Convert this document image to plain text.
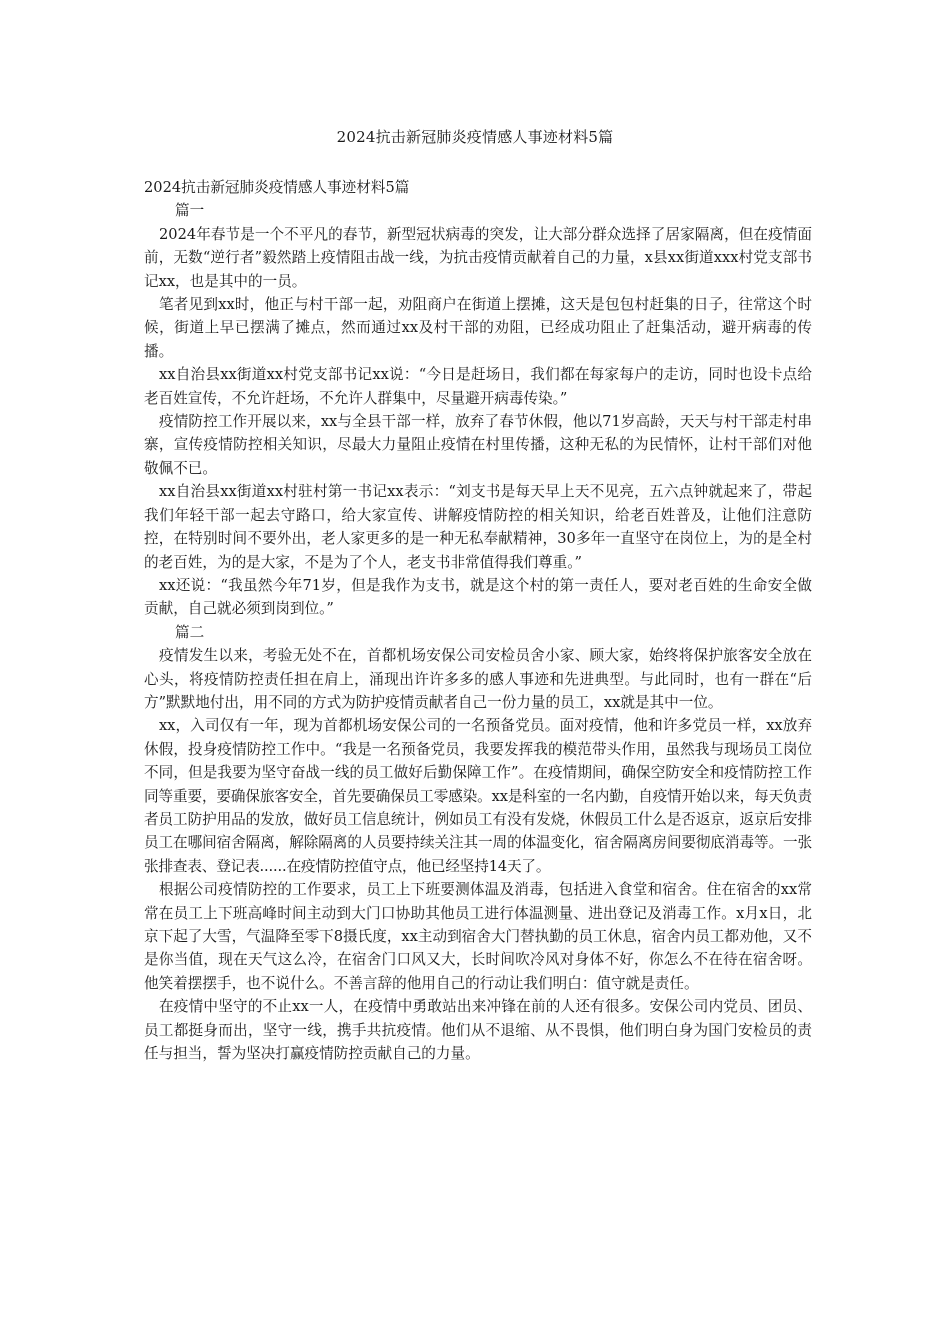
2024抗击新冠肺炎疫情感人事迹材料5篇

2024抗击新冠肺炎疫情感人事迹材料5篇

篇一

2024年春节是一个不平凡的春节，新型冠状病毒的突发，让大部分群众选择了居家隔离，但在疫情面前，无数“逆行者”毅然踏上疫情阻击战一线，为抗击疫情贡献着自己的力量，x县xx街道xxx村党支部书记xx，也是其中的一员。

笔者见到xx时，他正与村干部一起，劝阻商户在街道上摆摊，这天是包包村赶集的日子，往常这个时候，街道上早已摆满了摊点，然而通过xx及村干部的劝阻，已经成功阻止了赶集活动，避开病毒的传播。

xx自治县xx街道xx村党支部书记xx说：“今日是赶场日，我们都在每家每户的走访，同时也设卡点给老百姓宣传，不允许赶场，不允许人群集中，尽量避开病毒传染。”

疫情防控工作开展以来，xx与全县干部一样，放弃了春节休假，他以71岁高龄，天天与村干部走村串寨，宣传疫情防控相关知识，尽最大力量阻止疫情在村里传播，这种无私的为民情怀，让村干部们对他敬佩不已。

xx自治县xx街道xx村驻村第一书记xx表示：“刘支书是每天早上天不见亮，五六点钟就起来了，带起我们年轻干部一起去守路口，给大家宣传、讲解疫情防控的相关知识，给老百姓普及，让他们注意防控，在特别时间不要外出，老人家更多的是一种无私奉献精神，30多年一直坚守在岗位上，为的是全村的老百姓，为的是大家，不是为了个人，老支书非常值得我们尊重。”

xx还说：“我虽然今年71岁，但是我作为支书，就是这个村的第一责任人，要对老百姓的生命安全做贡献，自己就必须到岗到位。”

篇二

疫情发生以来，考验无处不在，首都机场安保公司安检员舍小家、顾大家，始终将保护旅客安全放在心头，将疫情防控责任担在肩上，涌现出许许多多的感人事迹和先进典型。与此同时，也有一群在“后方”默默地付出，用不同的方式为防护疫情贡献者自己一份力量的员工，xx就是其中一位。

xx，入司仅有一年，现为首都机场安保公司的一名预备党员。面对疫情，他和许多党员一样，xx放弃休假，投身疫情防控工作中。“我是一名预备党员，我要发挥我的模范带头作用，虽然我与现场员工岗位不同，但是我要为坚守奋战一线的员工做好后勤保障工作”。在疫情期间，确保空防安全和疫情防控工作同等重要，要确保旅客安全，首先要确保员工零感染。xx是科室的一名内勤，自疫情开始以来，每天负责者员工防护用品的发放，做好员工信息统计，例如员工有没有发烧，休假员工什么是否返京，返京后安排员工在哪间宿舍隔离，解除隔离的人员要持续关注其一周的体温变化，宿舍隔离房间要彻底消毒等。一张张排查表、登记表......在疫情防控值守点，他已经坚持14天了。

根据公司疫情防控的工作要求，员工上下班要测体温及消毒，包括进入食堂和宿舍。住在宿舍的xx常常在员工上下班高峰时间主动到大门口协助其他员工进行体温测量、进出登记及消毒工作。x月x日，北京下起了大雪，气温降至零下8摄氏度，xx主动到宿舍大门替执勤的员工休息，宿舍内员工都劝他，又不是你当值，现在天气这么冷，在宿舍门口风又大，长时间吹冷风对身体不好，你怎么不在待在宿舍呀。他笑着摆摆手，也不说什么。不善言辞的他用自己的行动让我们明白：值守就是责任。

在疫情中坚守的不止xx一人，在疫情中勇敢站出来冲锋在前的人还有很多。安保公司内党员、团员、员工都挺身而出，坚守一线，携手共抗疫情。他们从不退缩、从不畏惧，他们明白身为国门安检员的责任与担当，誓为坚决打赢疫情防控贡献自己的力量。
